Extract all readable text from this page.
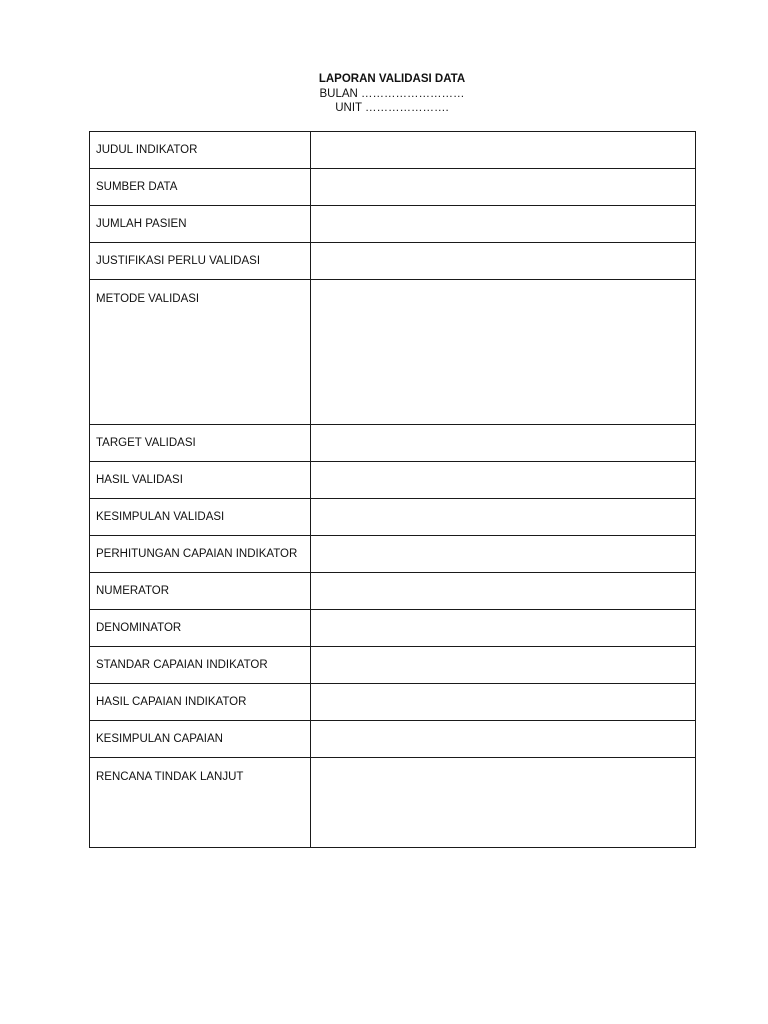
LAPORAN VALIDASI DATA
BULAN ………………………
UNIT ………………….
JUDUL INDIKATOR	
SUMBER DATA	
JUMLAH PASIEN	
JUSTIFIKASI PERLU VALIDASI	
METODE VALIDASI	
TARGET VALIDASI	
HASIL VALIDASI	
KESIMPULAN VALIDASI	
PERHITUNGAN CAPAIAN INDIKATOR	
NUMERATOR	
DENOMINATOR	
STANDAR CAPAIAN INDIKATOR	
HASIL CAPAIAN INDIKATOR	
KESIMPULAN CAPAIAN	
RENCANA TINDAK LANJUT	
